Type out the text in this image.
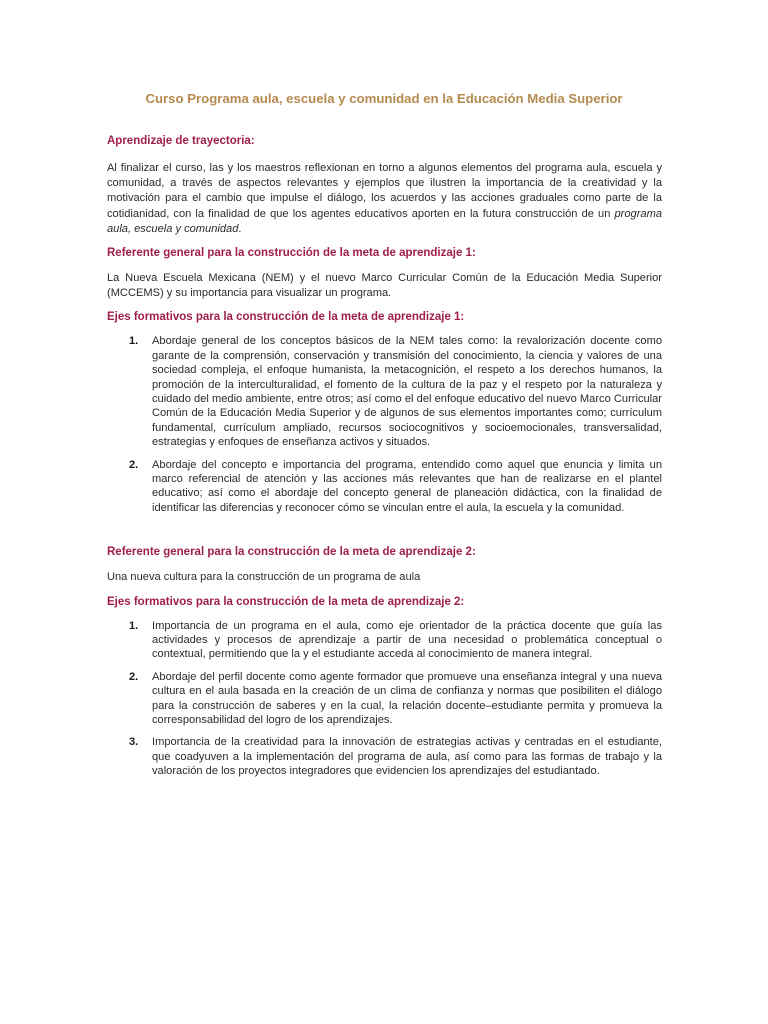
Curso Programa aula, escuela y comunidad en la Educación Media Superior
Aprendizaje de trayectoria:

Al finalizar el curso, las y los maestros reflexionan en torno a algunos elementos del programa aula, escuela y comunidad, a través de aspectos relevantes y ejemplos que ilustren la importancia de la creatividad y la motivación para el cambio que impulse el diálogo, los acuerdos y las acciones graduales como parte de la cotidianidad, con la finalidad de que los agentes educativos aporten en la futura construcción de un programa aula, escuela y comunidad.

Referente general para la construcción de la meta de aprendizaje 1:

La Nueva Escuela Mexicana (NEM) y el nuevo Marco Curricular Común de la Educación Media Superior (MCCEMS) y su importancia para visualizar un programa.

Ejes formativos para la construcción de la meta de aprendizaje 1:
1. Abordaje general de los conceptos básicos de la NEM tales como: la revalorización docente como garante de la comprensión, conservación y transmisión del conocimiento, la ciencia y valores de una sociedad compleja, el enfoque humanista, la metacognición, el respeto a los derechos humanos, la promoción de la interculturalidad, el fomento de la cultura de la paz y el respeto por la naturaleza y cuidado del medio ambiente, entre otros; así como el del enfoque educativo del nuevo Marco Curricular Común de la Educación Media Superior y de algunos de sus elementos importantes como; currículum fundamental, currículum ampliado, recursos sociocognitivos y socioemocionales, transversalidad, estrategias y enfoques de enseñanza activos y situados.
2. Abordaje del concepto e importancia del programa, entendido como aquel que enuncia y limita un marco referencial de atención y las acciones más relevantes que han de realizarse en el plantel educativo; así como el abordaje del concepto general de planeación didáctica, con la finalidad de identificar las diferencias y reconocer cómo se vinculan entre el aula, la escuela y la comunidad.
Referente general para la construcción de la meta de aprendizaje 2:

Una nueva cultura para la construcción de un programa de aula

Ejes formativos para la construcción de la meta de aprendizaje 2:
1. Importancia de un programa en el aula, como eje orientador de la práctica docente que guía las actividades y procesos de aprendizaje a partir de una necesidad o problemática conceptual o contextual, permitiendo que la y el estudiante acceda al conocimiento de manera integral.
2. Abordaje del perfil docente como agente formador que promueve una enseñanza integral y una nueva cultura en el aula basada en la creación de un clima de confianza y normas que posibiliten el diálogo para la construcción de saberes y en la cual, la relación docente–estudiante permita y promueva la corresponsabilidad del logro de los aprendizajes.
3. Importancia de la creatividad para la innovación de estrategias activas y centradas en el estudiante, que coadyuven a la implementación del programa de aula, así como para las formas de trabajo y la valoración de los proyectos integradores que evidencien los aprendizajes del estudiantado.
